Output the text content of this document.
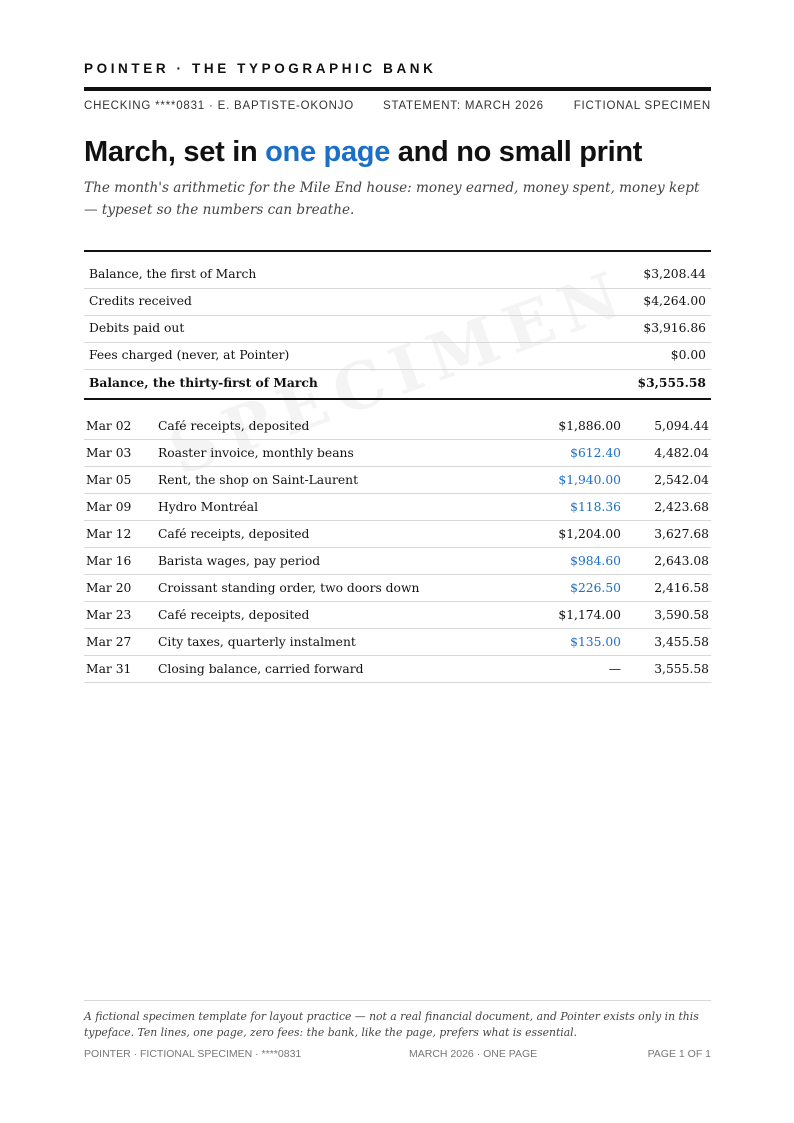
POINTER · THE TYPOGRAPHIC BANK
CHECKING ****0831 · E. BAPTISTE-OKONJO	STATEMENT: MARCH 2026	FICTIONAL SPECIMEN
March, set in one page and no small print

The month's arithmetic for the Mile End house: money earned, money spent, money kept — typeset so the numbers can breathe.

Balance, the first of March	$3,208.44
Credits received	$4,264.00
Debits paid out	$3,916.86
Fees charged (never, at Pointer)	$0.00
Balance, the thirty-first of March	$3,555.58
Mar 02 Café receipts, deposited	$1,886.00	5,094.44
Mar 03 Roaster invoice, monthly beans	$612.40	4,482.04
Mar 05 Rent, the shop on Saint-Laurent	$1,940.00	2,542.04
Mar 09 Hydro Montréal	$118.36	2,423.68
Mar 12 Café receipts, deposited	$1,204.00	3,627.68
Mar 16 Barista wages, pay period	$984.60	2,643.08
Mar 20 Croissant standing order, two doors down	$226.50	2,416.58
Mar 23 Café receipts, deposited	$1,174.00	3,590.58
Mar 27 City taxes, quarterly instalment	$135.00	3,455.58
Mar 31 Closing balance, carried forward	—	3,555.58

A fictional specimen template for layout practice — not a real financial document, and Pointer exists only in this typeface. Ten lines, one page, zero fees: the bank, like the page, prefers what is essential.

POINTER · FICTIONAL SPECIMEN · ****0831	MARCH 2026 · ONE PAGE	PAGE 1 OF 1
